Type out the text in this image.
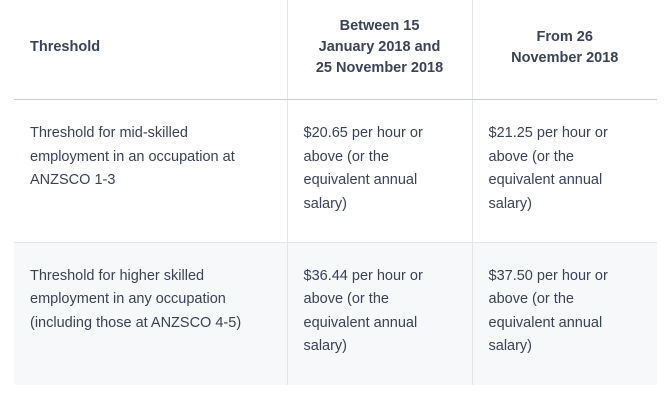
Threshold	Between 15
January 2018 and
25 November 2018	From 26
November 2018

Threshold for mid-skilled employment in an occupation at ANZSCO 1-3	$20.65 per hour or above (or the equivalent annual salary)	$21.25 per hour or above (or the equivalent annual salary)
Threshold for higher skilled employment in any occupation (including those at ANZSCO 4-5)	$36.44 per hour or above (or the equivalent annual salary)	$37.50 per hour or above (or the equivalent annual salary)
